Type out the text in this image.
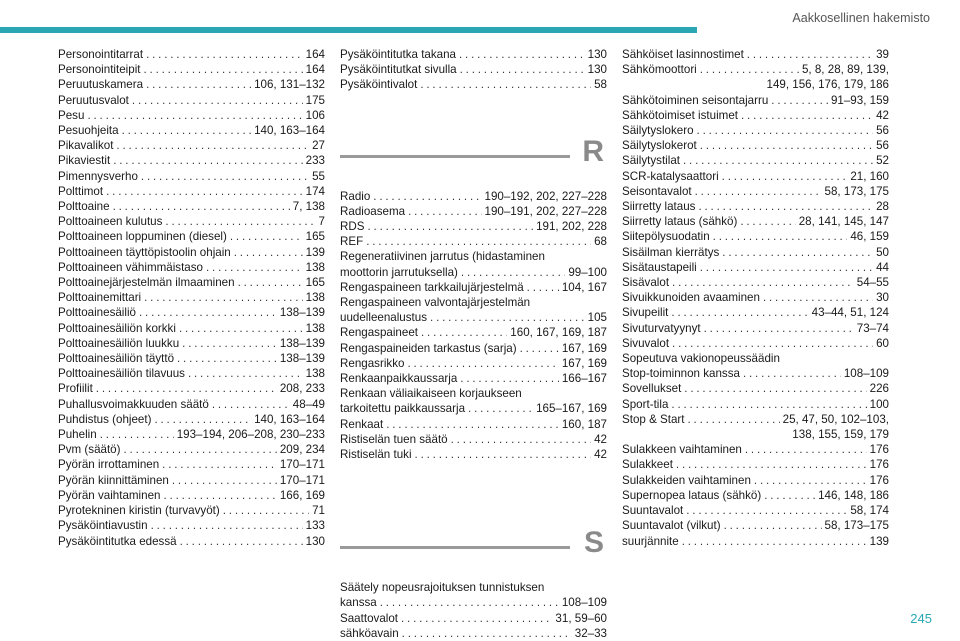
Aakkosellinen hakemisto
Personointitarrat . . .	164
Personointiteipit . . .	164
Peruutuskamera . . .	106, 131–132
Peruutusvalot . . .	175
Pesu . . .	106
Pesuohjeita . . .	140, 163–164
Pikavalikot . . .	27
Pikaviestit . . .	233
Pimennysverho . . .	55
Polttimot . . .	174
Polttoaine . . .	7, 138
Polttoaineen kulutus . . .	7
Polttoaineen loppuminen (diesel) . . .	165
Polttoaineen täyttöpistoolin ohjain . . .	139
Polttoaineen vähimmäistaso . . .	138
Polttoainejärjestelmän ilmaaminen . . .	165
Polttoainemittari . . .	138
Polttoainesäiliö . . .	138–139
Polttoainesäiliön korkki . . .	138
Polttoainesäiliön luukku . . .	138–139
Polttoainesäiliön täyttö . . .	138–139
Polttoainesäiliön tilavuus . . .	138
Profiilit . . .	208, 233
Puhallusvoimakkuuden säätö . . .	48–49
Puhdistus (ohjeet) . . .	140, 163–164
Puhelin . . .	193–194, 206–208, 230–233
Pvm (säätö) . . .	209, 234
Pyörän irrottaminen . . .	170–171
Pyörän kiinnittäminen . . .	170–171
Pyörän vaihtaminen . . .	166, 169
Pyrotekninen kiristin (turvavyöt) . . .	71
Pysäköintiavustin . . .	133
Pysäköintitutka edessä . . .	130
Pysäköintitutka takana . . .	130
Pysäköintitutkat sivulla . . .	130
Pysäköintivalot . . .	58
R
Radio . . .	190–192, 202, 227–228
Radioasema . . .	190–191, 202, 227–228
RDS . . .	191, 202, 228
REF . . .	68
Regeneratiivinen jarrutus (hidastaminen
moottorin jarrutuksella) . . .	99–100
Rengaspaineen tarkkailujärjestelmä . . .	104, 167
Rengaspaineen valvontajärjestelmän
uudelleenalustus . . .	105
Rengaspaineet . . .	160, 167, 169, 187
Rengaspaineiden tarkastus (sarja) . . .	167, 169
Rengasrikko . . .	167, 169
Renkaanpaikkaussarja . . .	166–167
Renkaan väliaikaiseen korjaukseen
tarkoitettu paikkaussarja . . .	165–167, 169
Renkaat . . .	160, 187
Ristiselän tuen säätö . . .	42
Ristiselän tuki . . .	42
S
Säätely nopeusrajoituksen tunnistuksen
kanssa . . .	108–109
Saattovalot . . .	31, 59–60
sähköavain . . .	32–33
Sähköiset lasinnostimet . . .	39
Sähkömoottori . . .	5, 8, 28, 89, 139,
149, 156, 176, 179, 186
Sähkötoiminen seisontajarru . . .	91–93, 159
Sähkötoimiset istuimet . . .	42
Säilytyslokero . . .	56
Säilytyslokerot . . .	56
Säilytystilat . . .	52
SCR-katalysaattori . . .	21, 160
Seisontavalot . . .	58, 173, 175
Siirretty lataus . . .	28
Siirretty lataus (sähkö) . . .	28, 141, 145, 147
Siitepölysuodatin . . .	46, 159
Sisäilman kierrätys . . .	50
Sisätaustapeili . . .	44
Sisävalot . . .	54–55
Sivuikkunoiden avaaminen . . .	30
Sivupeilit . . .	43–44, 51, 124
Sivuturvatyynyt . . .	73–74
Sivuvalot . . .	60
Sopeutuva vakionopeussäädin
Stop-toiminnon kanssa . . .	108–109
Sovellukset . . .	226
Sport-tila . . .	100
Stop & Start . . .	25, 47, 50, 102–103,
138, 155, 159, 179
Sulakkeen vaihtaminen . . .	176
Sulakkeet . . .	176
Sulakkeiden vaihtaminen . . .	176
Supernopea lataus (sähkö) . . .	146, 148, 186
Suuntavalot . . .	58, 174
Suuntavalot (vilkut) . . .	58, 173–175
suurjännite . . .	139
245
